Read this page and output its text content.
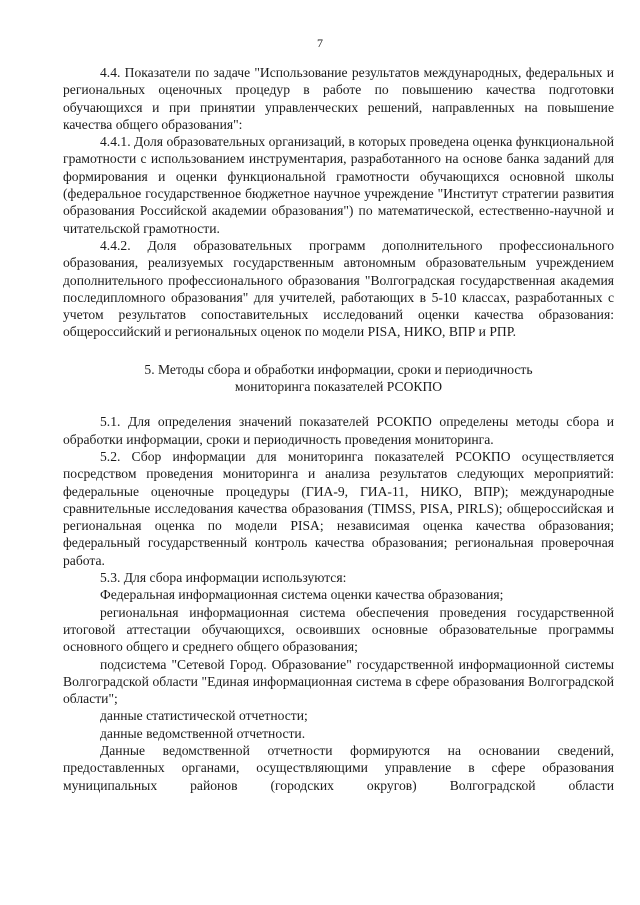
7

4.4. Показатели по задаче "Использование результатов международных, федеральных и региональных оценочных процедур в работе по повышению качества подготовки обучающихся и при принятии управленческих решений, направленных на повышение качества общего образования":

4.4.1. Доля образовательных организаций, в которых проведена оценка функциональной грамотности с использованием инструментария, разработанного на основе банка заданий для формирования и оценки функциональной грамотности обучающихся основной школы (федеральное государственное бюджетное научное учреждение "Институт стратегии развития образования Российской академии образования") по математической, естественно-научной и читательской грамотности.

4.4.2. Доля образовательных программ дополнительного профессионального образования, реализуемых государственным автономным образовательным учреждением дополнительного профессионального образования "Волгоградская государственная академия последипломного образования" для учителей, работающих в 5-10 классах, разработанных с учетом результатов сопоставительных исследований оценки качества образования: общероссийский и региональных оценок по модели PISA, НИКО, ВПР и РПР.

5. Методы сбора и обработки информации, сроки и периодичность
мониторинга показателей РСОКПО

5.1. Для определения значений показателей РСОКПО определены методы сбора и обработки информации, сроки и периодичность проведения мониторинга.

5.2. Сбор информации для мониторинга показателей РСОКПО осуществляется посредством проведения мониторинга и анализа результатов следующих мероприятий: федеральные оценочные процедуры (ГИА-9, ГИА-11, НИКО, ВПР); международные сравнительные исследования качества образования (TIMSS, PISA, PIRLS); общероссийская и региональная оценка по модели PISA; независимая оценка качества образования; федеральный государственный контроль качества образования; региональная проверочная работа.

5.3. Для сбора информации используются:

Федеральная информационная система оценки качества образования;

региональная информационная система обеспечения проведения государственной итоговой аттестации обучающихся, освоивших основные образовательные программы основного общего и среднего общего образования;

подсистема "Сетевой Город. Образование" государственной информационной системы Волгоградской области "Единая информационная система в сфере образования Волгоградской области";

данные статистической отчетности;

данные ведомственной отчетности.

Данные ведомственной отчетности формируются на основании сведений, предоставленных органами, осуществляющими управление в сфере образования муниципальных районов (городских округов) Волгоградской области
